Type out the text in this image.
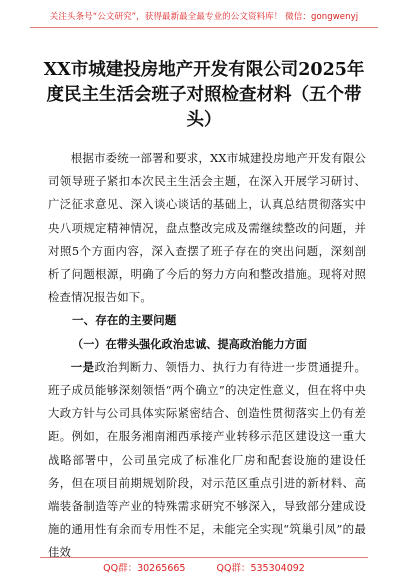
关注头条号“公文研究”，获得最新最全最专业的公文资料库！ 微信：gongwenyj
XX市城建投房地产开发有限公司2025年度民主生活会班子对照检查材料（五个带头）

根据市委统一部署和要求，XX市城建投房地产开发有限公司领导班子紧扣本次民主生活会主题，在深入开展学习研讨、广泛征求意见、深入谈心谈话的基础上，认真总结贯彻落实中央八项规定精神情况，盘点整改完成及需继续整改的问题，并对照5个方面内容，深入查摆了班子存在的突出问题，深刻剖析了问题根源，明确了今后的努力方向和整改措施。现将对照检查情况报告如下。

一、存在的主要问题

（一）在带头强化政治忠诚、提高政治能力方面

一是政治判断力、领悟力、执行力有待进一步贯通提升。班子成员能够深刻领悟“两个确立”的决定性意义，但在将中央大政方针与公司具体实际紧密结合、创造性贯彻落实上仍有差距。例如，在服务湘南湘西承接产业转移示范区建设这一重大战略部署中，公司虽完成了标准化厂房和配套设施的建设任务，但在项目前期规划阶段，对示范区重点引进的新材料、高端装备制造等产业的特殊需求研究不够深入，导致部分建成设施的通用性有余而专用性不足，未能完全实现“筑巢引凤”的最佳效

QQ群：30265665	QQ群：535304092
